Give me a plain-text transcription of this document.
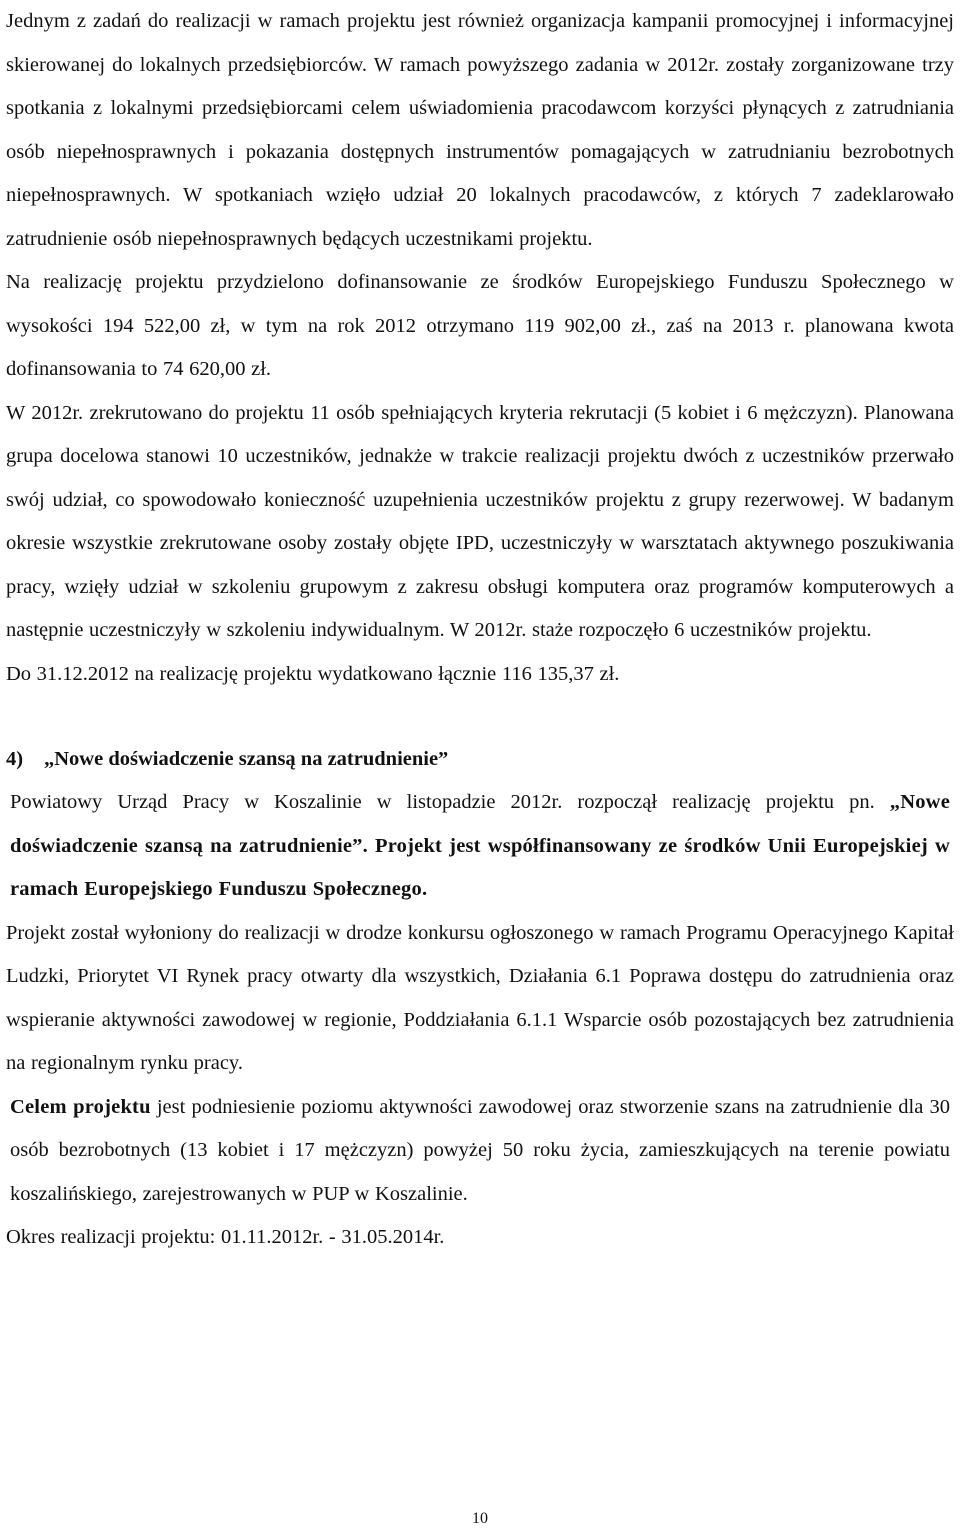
Jednym z zadań do realizacji w ramach projektu jest również organizacja kampanii promocyjnej i informacyjnej skierowanej do lokalnych przedsiębiorców. W ramach powyższego zadania w 2012r. zostały zorganizowane trzy spotkania z lokalnymi przedsiębiorcami celem uświadomienia pracodawcom korzyści płynących z zatrudniania osób niepełnosprawnych i pokazania dostępnych instrumentów pomagających w zatrudnianiu bezrobotnych niepełnosprawnych. W spotkaniach wzięło udział 20 lokalnych pracodawców, z których 7 zadeklarowało zatrudnienie osób niepełnosprawnych będących uczestnikami projektu.

Na realizację projektu przydzielono dofinansowanie ze środków Europejskiego Funduszu Społecznego w wysokości 194 522,00 zł, w tym na rok 2012 otrzymano 119 902,00 zł., zaś na 2013 r. planowana kwota dofinansowania to 74 620,00 zł.

W 2012r. zrekrutowano do projektu 11 osób spełniających kryteria rekrutacji (5 kobiet i 6 mężczyzn). Planowana grupa docelowa stanowi 10 uczestników, jednakże w trakcie realizacji projektu dwóch z uczestników przerwało swój udział, co spowodowało konieczność uzupełnienia uczestników projektu z grupy rezerwowej. W badanym okresie wszystkie zrekrutowane osoby zostały objęte IPD, uczestniczyły w warsztatach aktywnego poszukiwania pracy, wzięły udział w szkoleniu grupowym z zakresu obsługi komputera oraz programów komputerowych a następnie uczestniczyły w szkoleniu indywidualnym. W 2012r. staże rozpoczęło 6 uczestników projektu.

Do 31.12.2012 na realizację projektu wydatkowano łącznie 116 135,37 zł.

4) „Nowe doświadczenie szansą na zatrudnienie”

Powiatowy Urząd Pracy w Koszalinie w listopadzie 2012r. rozpoczął realizację projektu pn. „Nowe doświadczenie szansą na zatrudnienie”. Projekt jest współfinansowany ze środków Unii Europejskiej w ramach Europejskiego Funduszu Społecznego.

Projekt został wyłoniony do realizacji w drodze konkursu ogłoszonego w ramach Programu Operacyjnego Kapitał Ludzki, Priorytet VI Rynek pracy otwarty dla wszystkich, Działania 6.1 Poprawa dostępu do zatrudnienia oraz wspieranie aktywności zawodowej w regionie, Poddziałania 6.1.1 Wsparcie osób pozostających bez zatrudnienia na regionalnym rynku pracy.

Celem projektu jest podniesienie poziomu aktywności zawodowej oraz stworzenie szans na zatrudnienie dla 30 osób bezrobotnych (13 kobiet i 17 mężczyzn) powyżej 50 roku życia, zamieszkujących na terenie powiatu koszalińskiego, zarejestrowanych w PUP w Koszalinie.

Okres realizacji projektu: 01.11.2012r. - 31.05.2014r.

10
